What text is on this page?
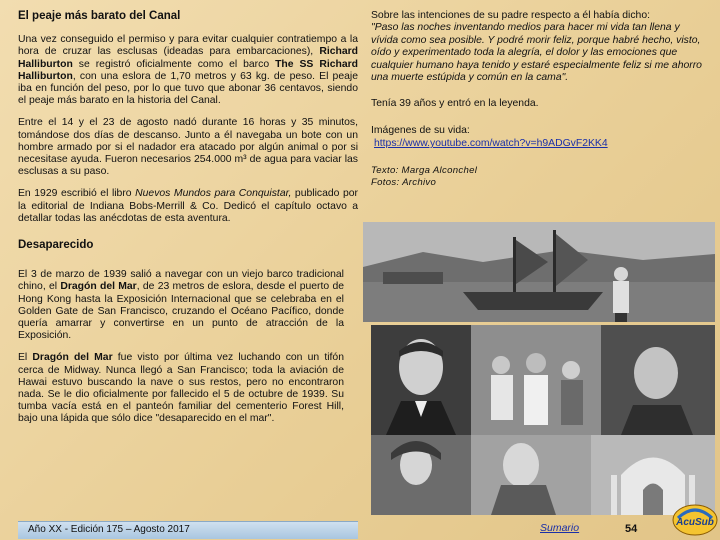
El peaje más barato del Canal

Una vez conseguido el permiso y para evitar cualquier contratiempo a la hora de cruzar las esclusas (ideadas para embarcaciones), Richard Halliburton se registró oficialmente como el barco The SS Richard Halliburton, con una eslora de 1,70 metros y 63 kg. de peso. El peaje iba en función del peso, por lo que tuvo que abonar 36 centavos, siendo el peaje más barato en la historia del Canal.

Entre el 14 y el 23 de agosto nadó durante 16 horas y 35 minutos, tomándose dos días de descanso. Junto a él navegaba un bote con un hombre armado por si el nadador era atacado por algún animal o por si necesitase ayuda. Fueron necesarios 254.000 m³ de agua para vaciar las esclusas a su paso.

En 1929 escribió el libro Nuevos Mundos para Conquistar, publicado por la editorial de Indiana Bobs-Merrill & Co. Dedicó el capítulo octavo a detallar todas las anécdotas de esta aventura.

Desaparecido

El 3 de marzo de 1939 salió a navegar con un viejo barco tradicional chino, el Dragón del Mar, de 23 metros de eslora, desde el puerto de Hong Kong hasta la Exposición Internacional que se celebraba en el Golden Gate de San Francisco, cruzando el Océano Pacífico, donde quería amarrar y convertirse en un punto de atracción de la Exposición.

El Dragón del Mar fue visto por última vez luchando con un tifón cerca de Midway. Nunca llegó a San Francisco; toda la aviación de Hawai estuvo buscando la nave o sus restos, pero no encontraron nada. Se le dio oficialmente por fallecido el 5 de octubre de 1939. Su tumba vacía está en el panteón familiar del cementerio Forest Hill, bajo una lápida que sólo dice "desaparecido en el mar".

Sobre las intenciones de su padre respecto a él había dicho:

"Paso las noches inventando medios para hacer mi vida tan llena y vívida como sea posible. Y podré morir feliz, porque habré hecho, visto, oído y experimentado toda la alegría, el dolor y las emociones que cualquier humano haya tenido y estaré especialmente feliz si me ahorro una muerte estúpida y común en la cama".

Tenía 39 años y entró en la leyenda.

Imágenes de su vida:

https://www.youtube.com/watch?v=h9ADGvF2KK4

Texto: Marga Alconchel

Fotos: Archivo

Año XX - Edición 175 – Agosto 2017	Sumario	54
AcuSub
